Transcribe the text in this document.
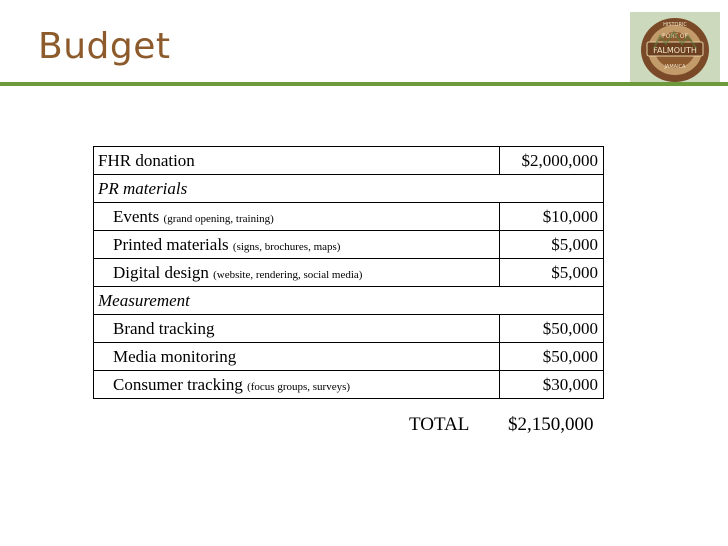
Budget	FALMOUTH
HISTORIC
PORT OF
JAMAICA
FHR donation	$2,000,000
PR materials	
Events (grand opening, training)	$10,000
Printed materials (signs, brochures, maps)	$5,000
Digital design (website, rendering, social media)	$5,000
Measurement	
Brand tracking	$50,000
Media monitoring	$50,000
Consumer tracking (focus groups, surveys)	$30,000
TOTAL $2,150,000
